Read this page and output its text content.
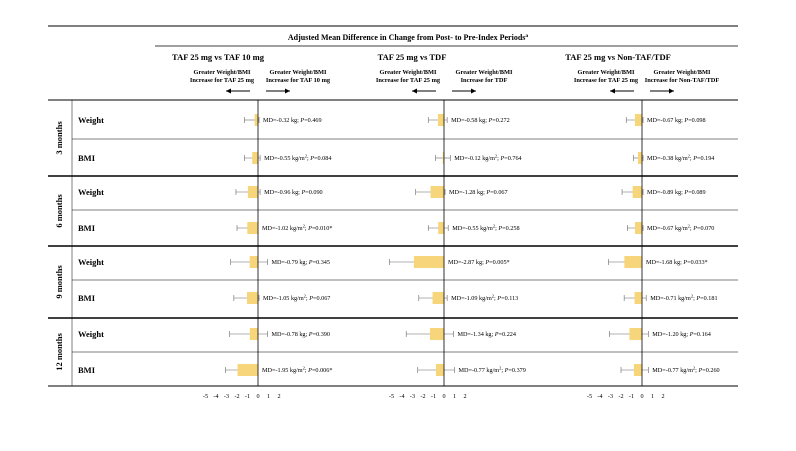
Adjusted Mean Difference in Change from Post- to Pre-Index Periods$^a$
3 months
6 months
9 months
12 months
Weight
BMI
Weight
BMI
Weight
BMI
Weight
BMI
TAF 25 mg vs TAF 10 mg
Greater Weight/BMI Increase for TAF 25 mg
Greater Weight/BMI Increase for TAF 10 mg
TAF 25 mg vs TDF
Greater Weight/BMI Increase for TAF 25 mg
Greater Weight/BMI Increase for TDF
TAF 25 mg vs Non-TAF/TDF
Greater Weight/BMI Increase for TAF 25 mg
Greater Weight/BMI Increase for Non-TAF/TDF
MD=-0.32 kg; P=0.469
MD=-0.55 $kg/m^2$; P=0.084
MD=-0.96 kg; P=0.090
MD=-1.02 $kg/m^2$; P=0.010*
MD=-0.79 kg; P=0.345
MD=-1.05 $kg/m^2$; P=0.067
MD=-0.78 kg; P=0.390
MD=-1.95 $kg/m^2$; P=0.006*
MD=-0.58 kg; P=0.272
MD=-0.12 $kg/m^2$; P=0.764
MD=-1.28 kg; P=0.067
MD=-0.55 $kg/m^2$; P=0.258
MD=-2.87 kg; P=0.005*
MD=-1.09 $kg/m^2$; P=0.113
MD=-1.34 kg; P=0.224
MD=-0.77 $kg/m^2$; P=0.379
MD=-0.67 kg; P=0.098
MD=-0.38 $kg/m^2$; P=0.194
MD=-0.89 kg; P=0.089
MD=-0.67 $kg/m^2$; P=0.070
MD=-1.68 kg; P=0.033*
MD=-0.71 $kg/m^2$; P=0.181
MD=-1.20 kg; P=0.164
MD=-0.77 $kg/m^2$; P=0.260
-5 -4 -3 -2 -1 0 1 2	-5 -4 -3 -2 -1 0 1 2	-5 -4 -3 -2 -1 0 1 2
